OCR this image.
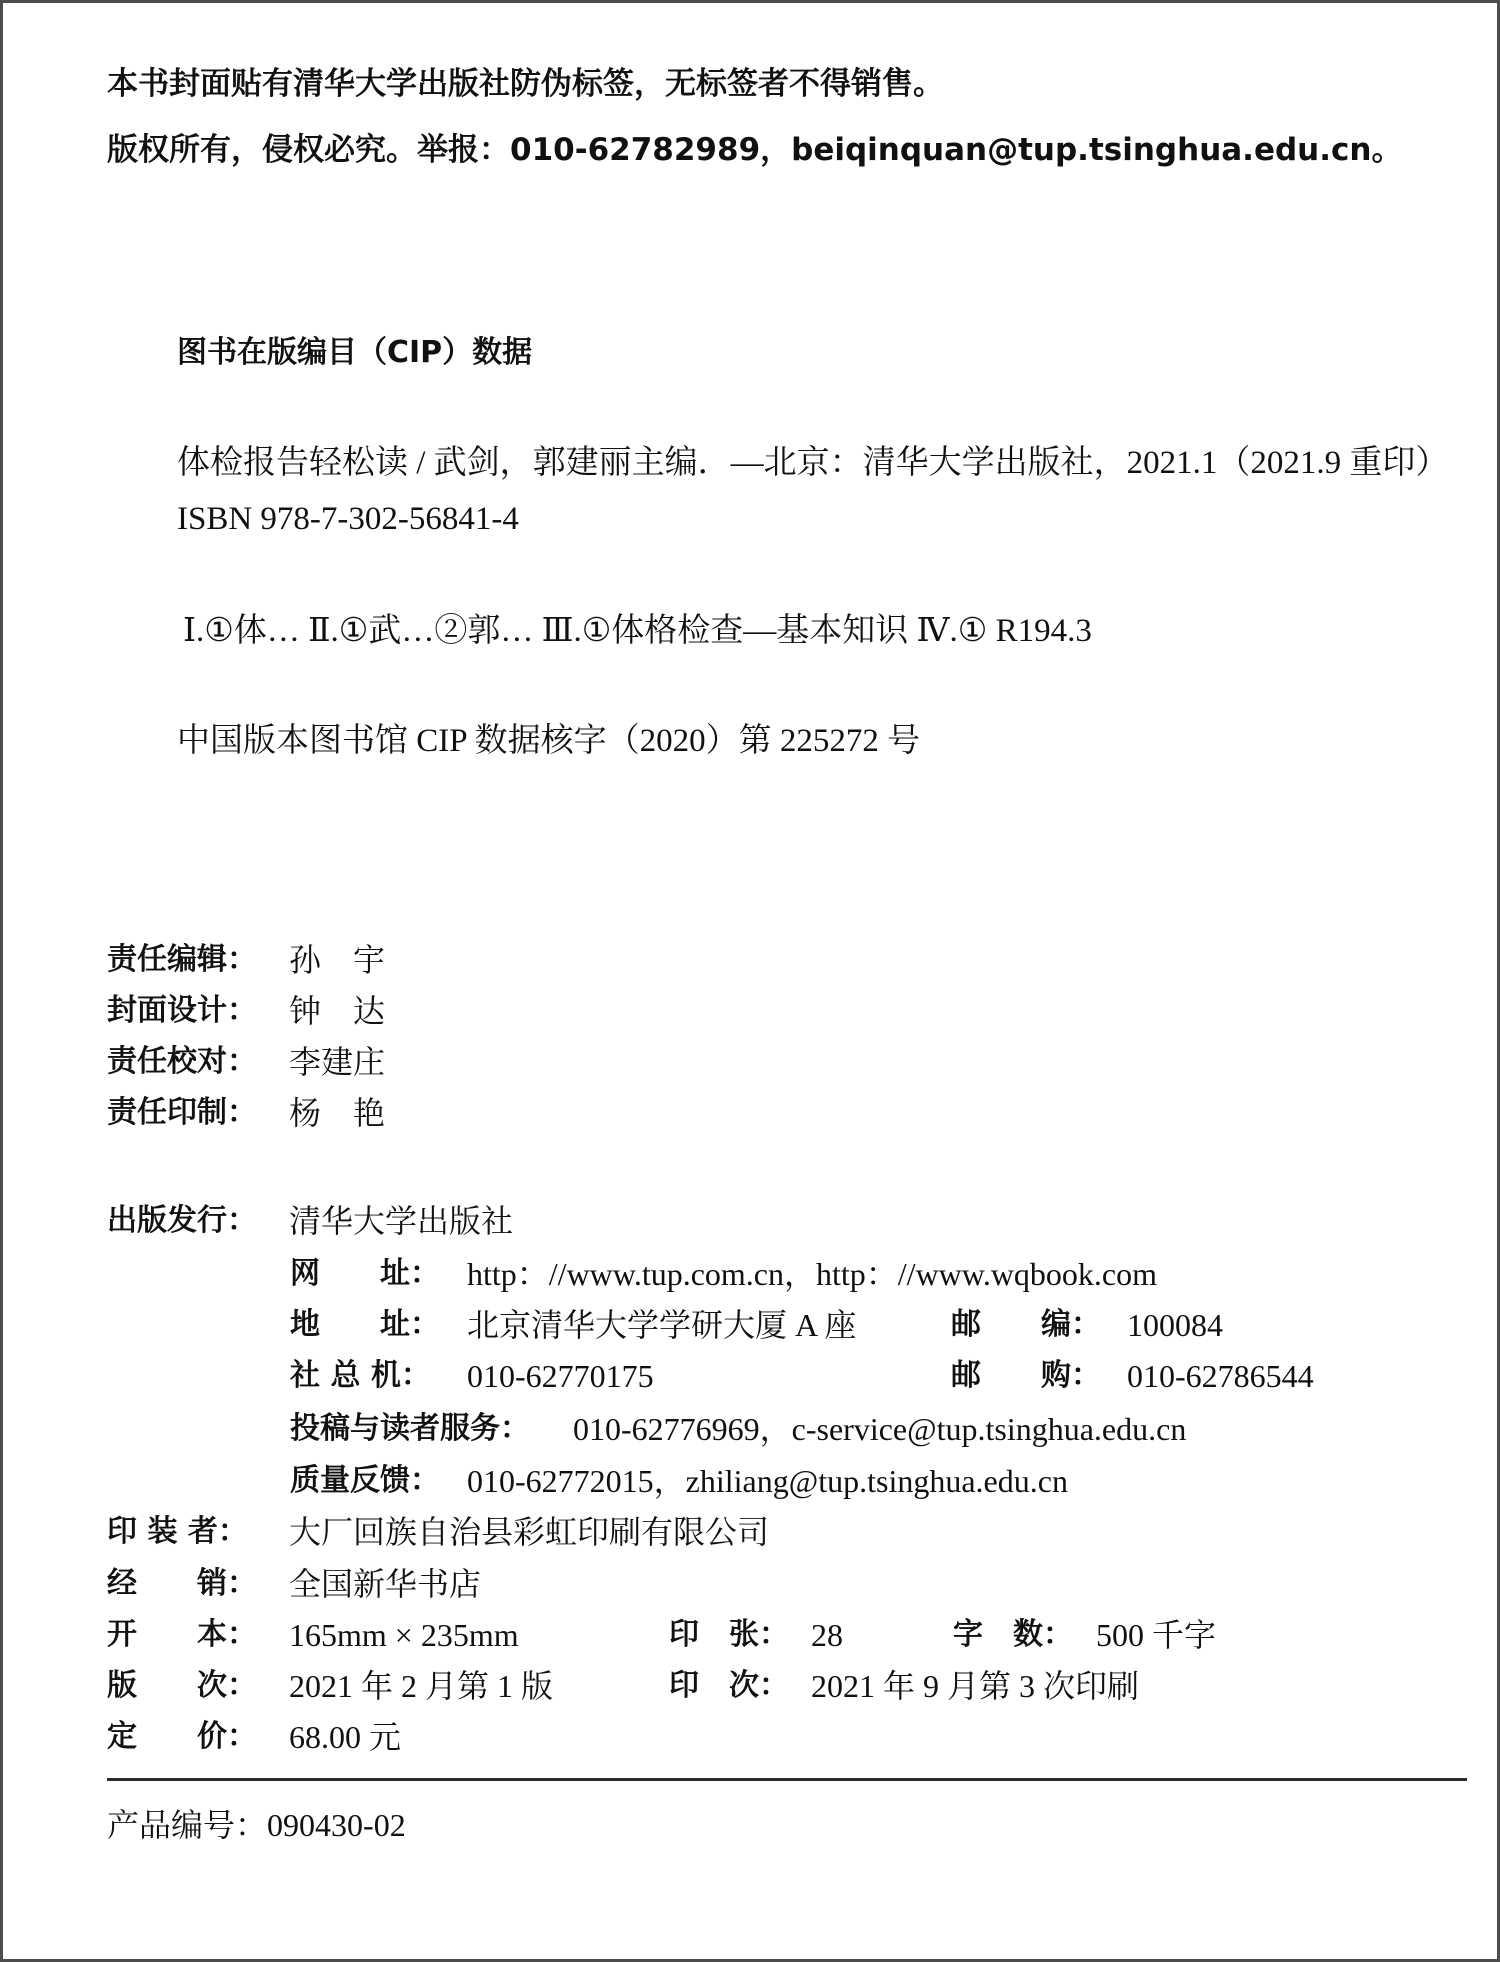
本书封面贴有清华大学出版社防伪标签，无标签者不得销售。
版权所有，侵权必究。举报：010-62782989，beiqinquan@tup.tsinghua.edu.cn。
图书在版编目（CIP）数据
体检报告轻松读 / 武剑，郭建丽主编．—北京：清华大学出版社，2021.1（2021.9 重印）
ISBN 978-7-302-56841-4
Ⅰ.①体… Ⅱ.①武…②郭… Ⅲ.①体格检查—基本知识 Ⅳ.① R194.3
中国版本图书馆 CIP 数据核字（2020）第 225272 号
责任编辑： 孙　宇
封面设计： 钟　达
责任校对： 李建庄
责任印制： 杨　艳
出版发行： 清华大学出版社
网　　址： http：//www.tup.com.cn，http：//www.wqbook.com
地　　址： 北京清华大学学研大厦 A 座	邮　　编： 100084
社 总 机： 010-62770175	邮　　购： 010-62786544
投稿与读者服务： 010-62776969，c-service@tup.tsinghua.edu.cn
质量反馈： 010-62772015，zhiliang@tup.tsinghua.edu.cn
印 装 者： 大厂回族自治县彩虹印刷有限公司
经　　销： 全国新华书店
开　　本： 165mm × 235mm	印　张： 28	字　数： 500 千字
版　　次： 2021 年 2 月第 1 版	印　次： 2021 年 9 月第 3 次印刷
定　　价： 68.00 元
产品编号：090430-02
